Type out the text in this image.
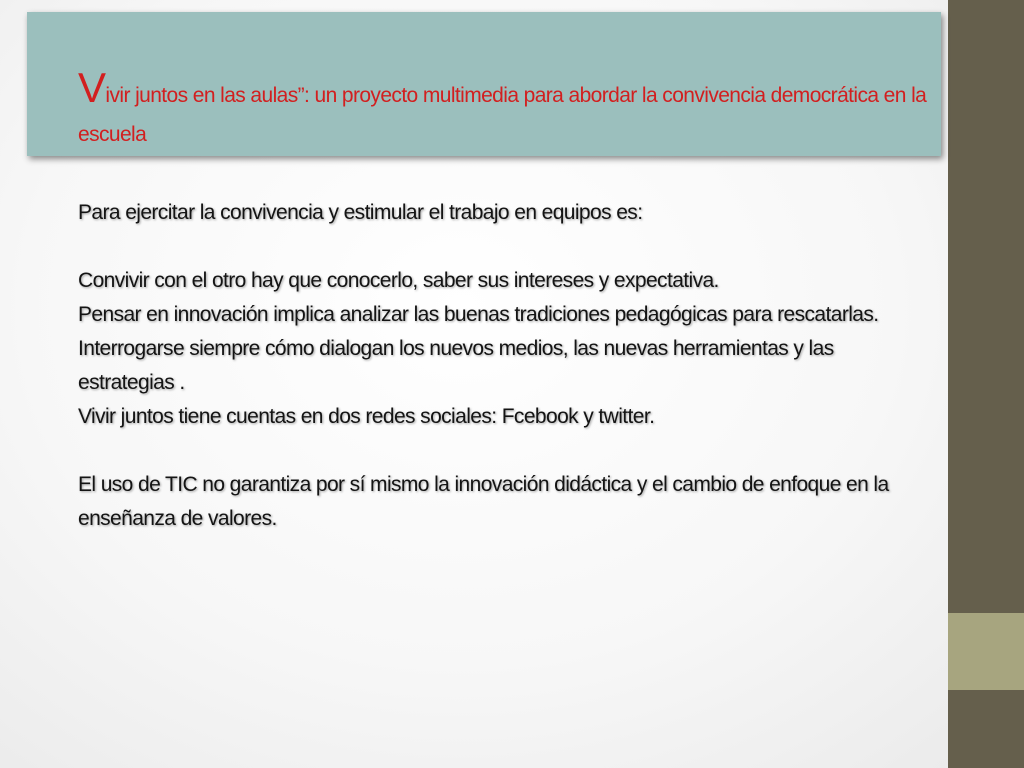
Vivir juntos en las aulas”: un proyecto multimedia para abordar la convivencia democrática en la escuela

Para ejercitar la convivencia y estimular el trabajo en equipos es:

Convivir con el otro hay que conocerlo, saber sus intereses y expectativa.

Pensar en innovación implica analizar las buenas tradiciones pedagógicas para rescatarlas.

Interrogarse siempre cómo dialogan los nuevos medios, las nuevas herramientas y las estrategias .

Vivir juntos tiene cuentas en dos redes sociales: Fcebook y twitter.

El uso de TIC no garantiza por sí mismo la innovación didáctica y el cambio de enfoque en la enseñanza de valores.
